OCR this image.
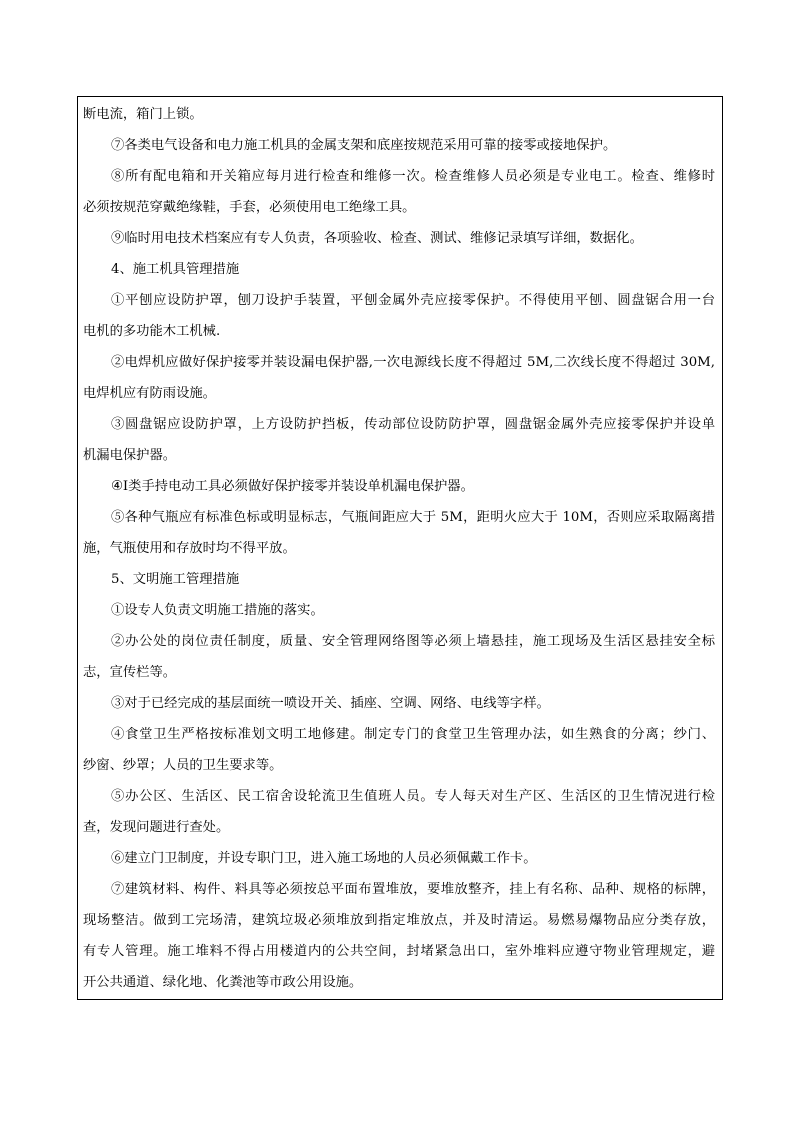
断电流，箱门上锁。
⑦各类电气设备和电力施工机具的金属支架和底座按规范采用可靠的接零或接地保护。
⑧所有配电箱和开关箱应每月进行检查和维修一次。检查维修人员必须是专业电工。检查、维修时
必须按规范穿戴绝缘鞋，手套，必须使用电工绝缘工具。
⑨临时用电技术档案应有专人负责，各项验收、检查、测试、维修记录填写详细，数据化。
4、施工机具管理措施
①平刨应设防护罩，刨刀设护手装置，平刨金属外壳应接零保护。不得使用平刨、圆盘锯合用一台
电机的多功能木工机械.
②电焊机应做好保护接零并装设漏电保护器,一次电源线长度不得超过 5M,二次线长度不得超过 30M,
电焊机应有防雨设施。
③圆盘锯应设防护罩，上方设防护挡板，传动部位设防防护罩，圆盘锯金属外壳应接零保护并设单
机漏电保护器。
④Ⅰ类手持电动工具必须做好保护接零并装设单机漏电保护器。
⑤各种气瓶应有标准色标或明显标志，气瓶间距应大于 5M，距明火应大于 10M，否则应采取隔离措
施，气瓶使用和存放时均不得平放。
5、文明施工管理措施
①设专人负责文明施工措施的落实。
②办公处的岗位责任制度，质量、安全管理网络图等必须上墙悬挂，施工现场及生活区悬挂安全标
志，宣传栏等。
③对于已经完成的基层面统一喷设开关、插座、空调、网络、电线等字样。
④食堂卫生严格按标准划文明工地修建。制定专门的食堂卫生管理办法，如生熟食的分离；纱门、
纱窗、纱罩；人员的卫生要求等。
⑤办公区、生活区、民工宿舍设轮流卫生值班人员。专人每天对生产区、生活区的卫生情况进行检
查，发现问题进行查处。
⑥建立门卫制度，并设专职门卫，进入施工场地的人员必须佩戴工作卡。
⑦建筑材料、构件、料具等必须按总平面布置堆放，要堆放整齐，挂上有名称、品种、规格的标牌，
现场整洁。做到工完场清，建筑垃圾必须堆放到指定堆放点，并及时清运。易燃易爆物品应分类存放，
有专人管理。施工堆料不得占用楼道内的公共空间，封堵紧急出口，室外堆料应遵守物业管理规定，避
开公共通道、绿化地、化粪池等市政公用设施。
